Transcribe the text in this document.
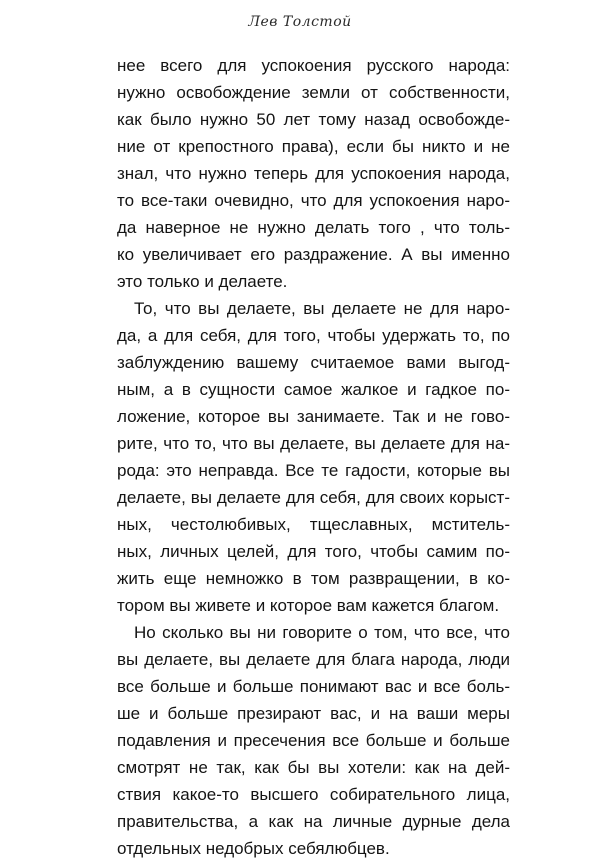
Лев Толстой
нее всего для успокоения русского народа:
нужно освобождение земли от собственности,
как было нужно 50 лет тому назад освобожде-
ние от крепостного права), если бы никто и не
знал, что нужно теперь для успокоения народа,
то все-таки очевидно, что для успокоения наро-
да наверное не нужно делать того , что толь-
ко увеличивает его раздражение. А вы именно
это только и делаете.
То, что вы делаете, вы делаете не для наро-
да, а для себя, для того, чтобы удержать то, по
заблуждению вашему считаемое вами выгод-
ным, а в сущности самое жалкое и гадкое по-
ложение, которое вы занимаете. Так и не гово-
рите, что то, что вы делаете, вы делаете для на-
рода: это неправда. Все те гадости, которые вы
делаете, вы делаете для себя, для своих корыст-
ных, честолюбивых, тщеславных, мститель-
ных, личных целей, для того, чтобы самим по-
жить еще немножко в том развращении, в ко-
тором вы живете и которое вам кажется благом.
Но сколько вы ни говорите о том, что все, что
вы делаете, вы делаете для блага народа, люди
все больше и больше понимают вас и все боль-
ше и больше презирают вас, и на ваши меры
подавления и пресечения все больше и больше
смотрят не так, как бы вы хотели: как на дей-
ствия какое-то высшего собирательного лица,
правительства, а как на личные дурные дела
отдельных недобрых себялюбцев.
